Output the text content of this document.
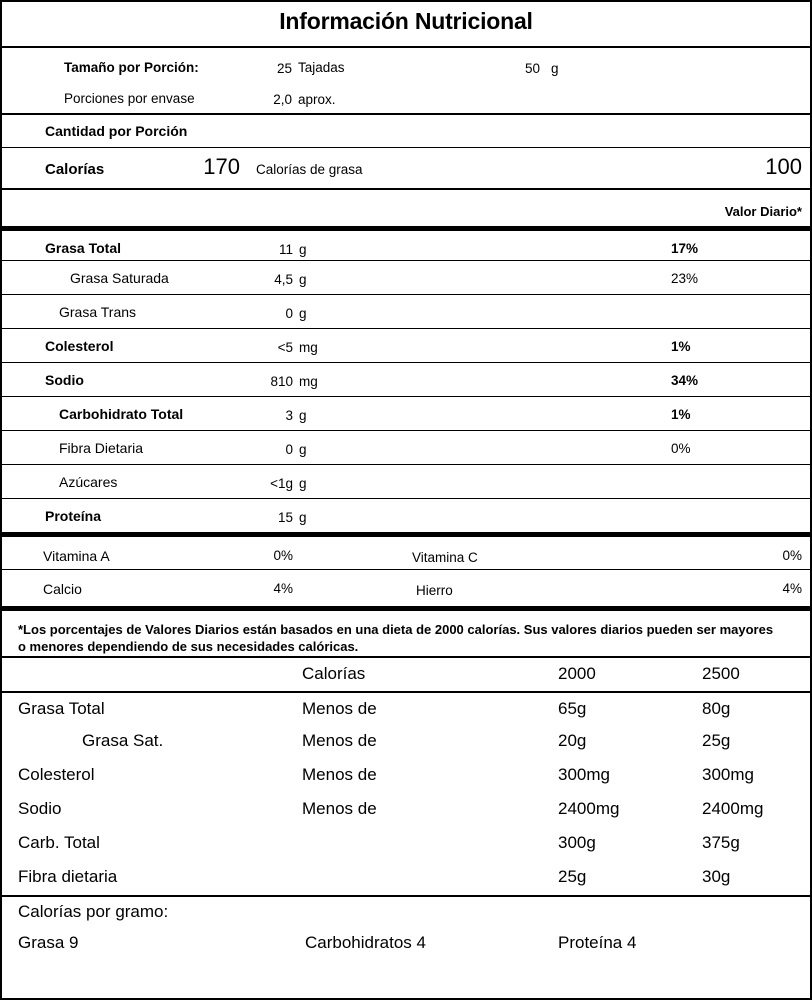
Información Nutricional
Tamaño por Porción:	25 Tajadas	50 g
Porciones por envase	2,0 aprox.
Cantidad por Porción
Calorías	170 Calorías de grasa	100
Valor Diario*
Grasa Total	11 g	17%
Grasa Saturada	4,5 g	23%
Grasa Trans	0 g
Colesterol	<5 mg	1%
Sodio	810 mg	34%
Carbohidrato Total	3 g	1%
Fibra Dietaria	0 g	0%
Azúcares	<1g g
Proteína	15 g
Vitamina A	0%	Vitamina C	0%
Calcio	4%	Hierro	4%
*Los porcentajes de Valores Diarios están basados en una dieta de 2000 calorías. Sus valores diarios pueden ser mayores o menores dependiendo de sus necesidades calóricas.
Calorías	2000	2500
Grasa Total	Menos de	65g	80g
Grasa Sat.	Menos de	20g	25g
Colesterol	Menos de	300mg	300mg
Sodio	Menos de	2400mg	2400mg
Carb. Total	300g	375g
Fibra dietaria	25g	30g
Calorías por gramo:
Grasa 9	Carbohidratos 4	Proteína 4
